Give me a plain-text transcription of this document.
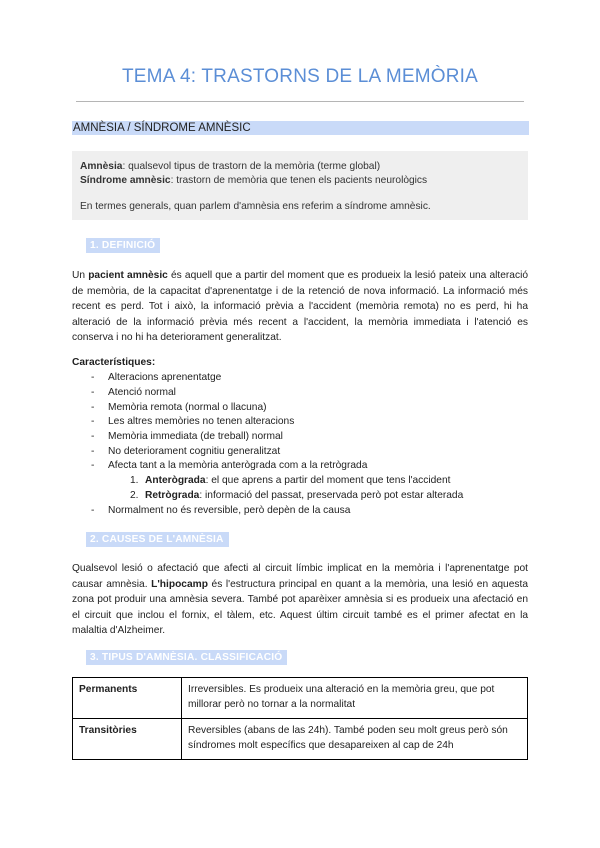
TEMA 4: TRASTORNS DE LA MEMÒRIA
AMNÈSIA / SÍNDROME AMNÈSIC
Amnèsia: qualsevol tipus de trastorn de la memòria (terme global)
Síndrome amnèsic: trastorn de memòria que tenen els pacients neurològics
En termes generals, quan parlem d'amnèsia ens referim a síndrome amnèsic.
1. DEFINICIÓ
Un pacient amnèsic és aquell que a partir del moment que es produeix la lesió pateix una alteració de memòria, de la capacitat d'aprenentatge i de la retenció de nova informació. La informació més recent es perd. Tot i això, la informació prèvia a l'accident (memòria remota) no es perd, hi ha alteració de la informació prèvia més recent a l'accident, la memòria immediata i l'atenció es conserva i no hi ha deteriorament generalitzat.
Característiques:
- Alteracions aprenentatge
- Atenció normal
- Memòria remota (normal o llacuna)
- Les altres memòries no tenen alteracions
- Memòria immediata (de treball) normal
- No deteriorament cognitiu generalitzat
- Afecta tant a la memòria anterògrada com a la retrògrada
1. Anterògrada: el que aprens a partir del moment que tens l'accident
2. Retrògrada: informació del passat, preservada però pot estar alterada
- Normalment no és reversible, però depèn de la causa
2. CAUSES DE L'AMNÈSIA
Qualsevol lesió o afectació que afecti al circuit límbic implicat en la memòria i l'aprenentatge pot causar amnèsia. L'hipocamp és l'estructura principal en quant a la memòria, una lesió en aquesta zona pot produir una amnèsia severa. També pot aparèixer amnèsia si es produeix una afectació en el circuit que inclou el fornix, el tàlem, etc. Aquest últim circuit també es el primer afectat en la malaltia d'Alzheimer.
3. TIPUS D'AMNÈSIA. CLASSIFICACIÓ
Permanents	Irreversibles. Es produeix una alteració en la memòria greu, que pot millorar però no tornar a la normalitat
Transitòries	Reversibles (abans de las 24h). També poden seu molt greus però són síndromes molt específics que desapareixen al cap de 24h
